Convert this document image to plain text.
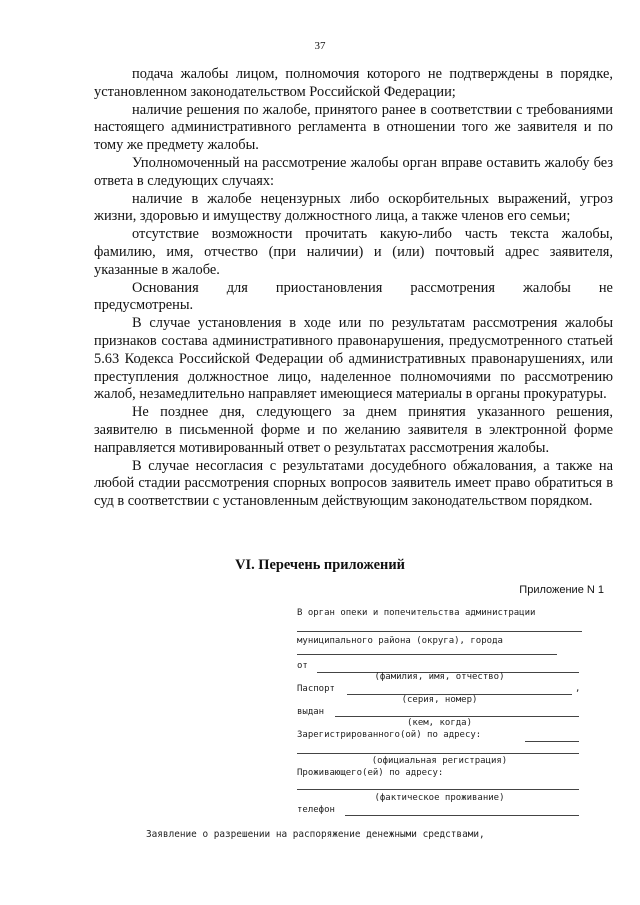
37

подача жалобы лицом, полномочия которого не подтверждены в порядке, установленном законодательством Российской Федерации;

наличие решения по жалобе, принятого ранее в соответствии с требованиями настоящего административного регламента в отношении того же заявителя и по тому же предмету жалобы.

Уполномоченный на рассмотрение жалобы орган вправе оставить жалобу без ответа в следующих случаях:

наличие в жалобе нецензурных либо оскорбительных выражений, угроз жизни, здоровью и имуществу должностного лица, а также членов его семьи;

отсутствие возможности прочитать какую-либо часть текста жалобы, фамилию, имя, отчество (при наличии) и (или) почтовый адрес заявителя, указанные в жалобе.

Основания для приостановления рассмотрения жалобы не

предусмотрены.

В случае установления в ходе или по результатам рассмотрения жалобы признаков состава административного правонарушения, предусмотренного статьей 5.63 Кодекса Российской Федерации об административных правонарушениях, или преступления должностное лицо, наделенное полномочиями по рассмотрению жалоб, незамедлительно направляет имеющиеся материалы в органы прокуратуры.

Не позднее дня, следующего за днем принятия указанного решения, заявителю в письменной форме и по желанию заявителя в электронной форме направляется мотивированный ответ о результатах рассмотрения жалобы.

В случае несогласия с результатами досудебного обжалования, а также на любой стадии рассмотрения спорных вопросов заявитель имеет право обратиться в суд в соответствии с установленным действующим законодательством порядком.

VI. Перечень приложений
Приложение N 1
В орган опеки и попечительства администрации
муниципального района (округа), города
от
(фамилия, имя, отчество)
Паспорт	,
(серия, номер)
выдан
(кем, когда)
Зарегистрированного(ой) по адресу:
(официальная регистрация)
Проживающего(ей) по адресу:
(фактическое проживание)
телефон
Заявление о разрешении на распоряжение денежными средствами,
